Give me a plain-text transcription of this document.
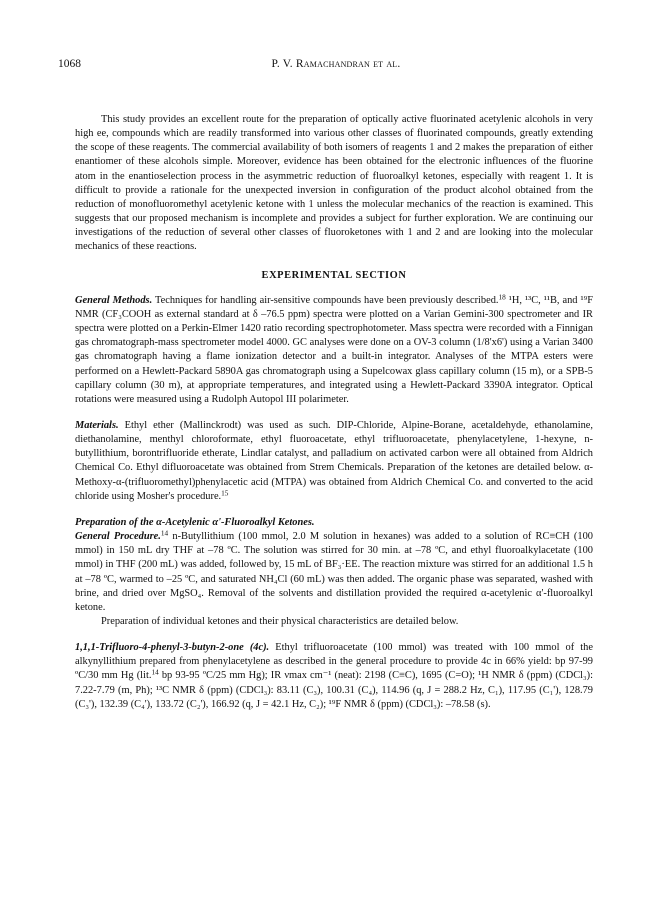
1068	P. V. Ramachandran et al.

This study provides an excellent route for the preparation of optically active fluorinated acetylenic alcohols in very high ee, compounds which are readily transformed into various other classes of fluorinated compounds, greatly extending the scope of these reagents. The commercial availability of both isomers of reagents 1 and 2 makes the preparation of either enantiomer of these alcohols simple. Moreover, evidence has been obtained for the electronic influences of the fluorine atom in the enantioselection process in the asymmetric reduction of fluoroalkyl ketones, especially with reagent 1. It is difficult to provide a rationale for the unexpected inversion in configuration of the product alcohol obtained from the reduction of monofluoromethyl acetylenic ketone with 1 unless the molecular mechanics of the reaction is examined. This suggests that our proposed mechanism is incomplete and provides a subject for further exploration. We are continuing our investigations of the reduction of several other classes of fluoroketones with 1 and 2 and are looking into the molecular mechanics of these reactions.

EXPERIMENTAL SECTION

General Methods. Techniques for handling air-sensitive compounds have been previously described.$^{18}$ ¹H, ¹³C, ¹¹B, and ¹⁹F NMR (CF₃COOH as external standard at δ –76.5 ppm) spectra were plotted on a Varian Gemini-300 spectrometer and IR spectra were plotted on a Perkin-Elmer 1420 ratio recording spectrophotometer. Mass spectra were recorded with a Finnigan gas chromatograph-mass spectrometer model 4000. GC analyses were done on a OV-3 column (1/8'x6') using a Varian 3400 gas chromatograph having a flame ionization detector and a built-in integrator. Analyses of the MTPA esters were performed on a Hewlett-Packard 5890A gas chromatograph using a Supelcowax glass capillary column (15 m), or a SPB-5 capillary column (30 m), at appropriate temperatures, and integrated using a Hewlett-Packard 3390A integrator. Optical rotations were measured using a Rudolph Autopol III polarimeter.

Materials. Ethyl ether (Mallinckrodt) was used as such. DIP-Chloride, Alpine-Borane, acetaldehyde, ethanolamine, diethanolamine, menthyl chloroformate, ethyl fluoroacetate, ethyl trifluoroacetate, phenylacetylene, 1-hexyne, n-butyllithium, borontrifluoride etherate, Lindlar catalyst, and palladium on activated carbon were all obtained from Aldrich Chemical Co. Ethyl difluoroacetate was obtained from Strem Chemicals. Preparation of the ketones are detailed below. α-Methoxy-α-(trifluoromethyl)phenylacetic acid (MTPA) was obtained from Aldrich Chemical Co. and converted to the acid chloride using Mosher's procedure.$^{15}$

Preparation of the α-Acetylenic α'-Fluoroalkyl Ketones.

General Procedure.$^{14}$ n-Butyllithium (100 mmol, 2.0 M solution in hexanes) was added to a solution of RC≡CH (100 mmol) in 150 mL dry THF at –78 ºC. The solution was stirred for 30 min. at –78 ºC, and ethyl fluoroalkylacetate (100 mmol) in THF (200 mL) was added, followed by, 15 mL of BF₃·EE. The reaction mixture was stirred for an additional 1.5 h at –78 ºC, warmed to –25 ºC, and saturated NH₄Cl (60 mL) was then added. The organic phase was separated, washed with brine, and dried over MgSO₄. Removal of the solvents and distillation provided the required α-acetylenic α'-fluoroalkyl ketone.

Preparation of individual ketones and their physical characteristics are detailed below.

1,1,1-Trifluoro-4-phenyl-3-butyn-2-one (4c). Ethyl trifluoroacetate (100 mmol) was treated with 100 mmol of the alkynyllithium prepared from phenylacetylene as described in the general procedure to provide 4c in 66% yield: bp 97-99 ºC/30 mm Hg (lit.$^{14}$ bp 93-95 ºC/25 mm Hg); IR νmax cm⁻¹ (neat): 2198 (C≡C), 1695 (C=O); ¹H NMR δ (ppm) (CDCl₃): 7.22-7.79 (m, Ph); ¹³C NMR δ (ppm) (CDCl₃): 83.11 (C₃), 100.31 (C₄), 114.96 (q, J = 288.2 Hz, C₁), 117.95 (C₁'), 128.79 (C₃'), 132.39 (C₄'), 133.72 (C₂'), 166.92 (q, J = 42.1 Hz, C₂); ¹⁹F NMR δ (ppm) (CDCl₃): –78.58 (s).
